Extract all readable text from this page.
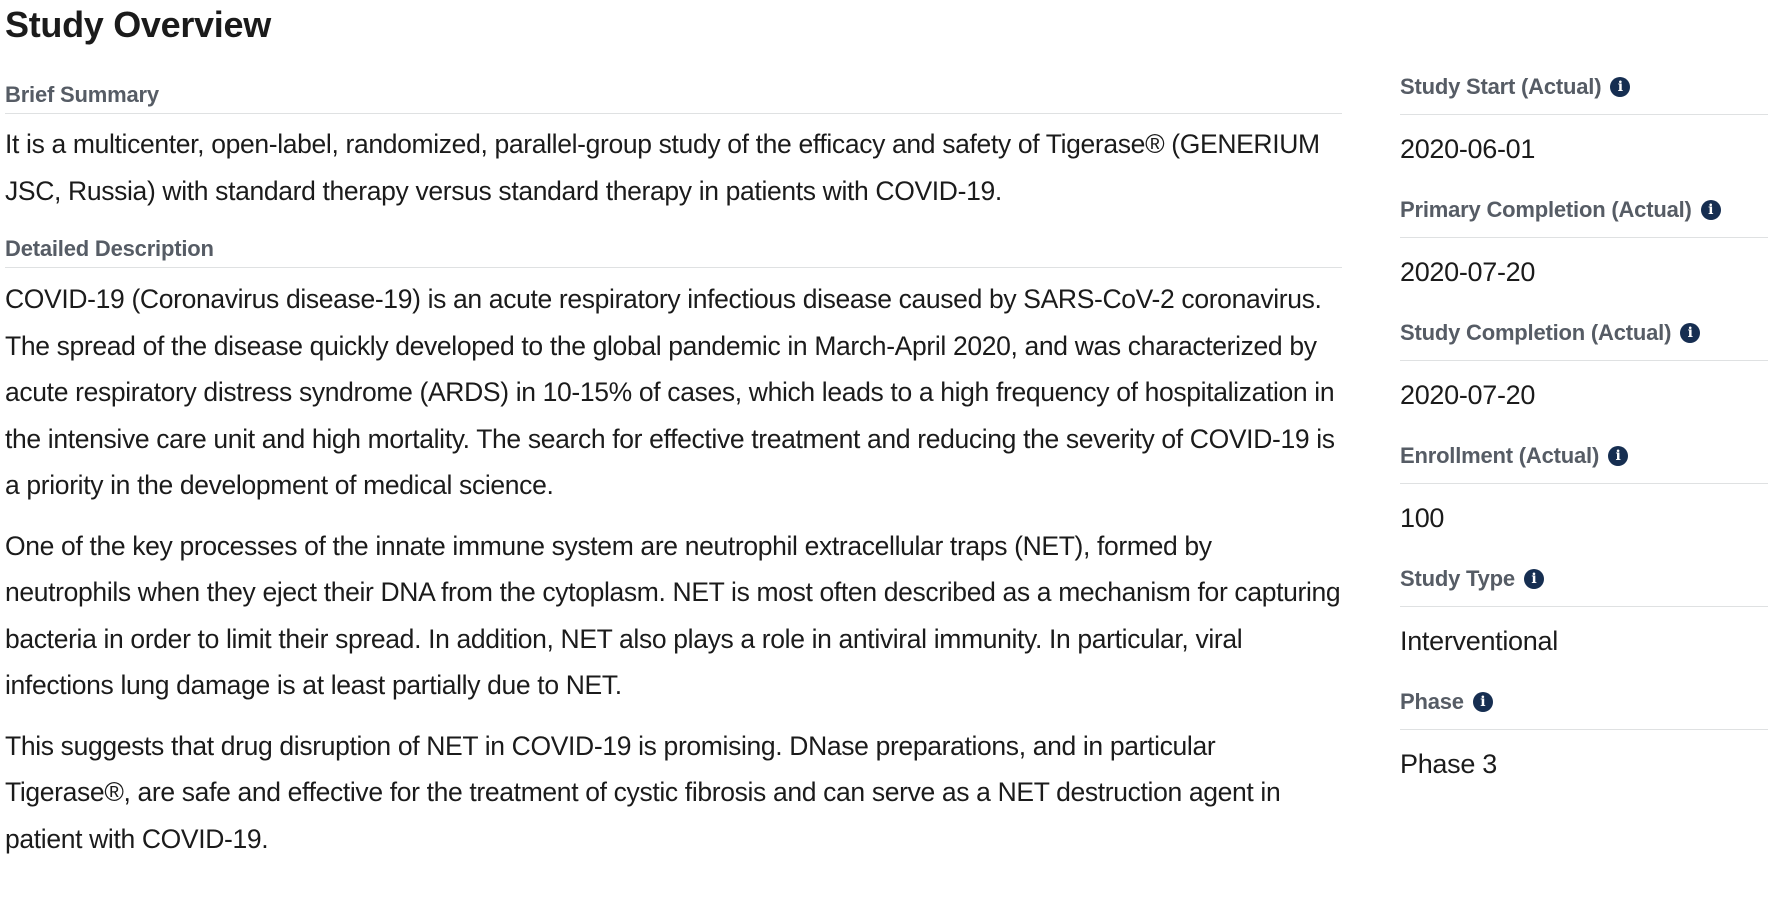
Study Overview
Brief Summary

It is a multicenter, open-label, randomized, parallel-group study of the efficacy and safety of Tigerase® (GENERIUM JSC, Russia) with standard therapy versus standard therapy in patients with COVID-19.

Detailed Description

COVID-19 (Coronavirus disease-19) is an acute respiratory infectious disease caused by SARS-CoV-2 coronavirus. The spread of the disease quickly developed to the global pandemic in March-April 2020, and was characterized by acute respiratory distress syndrome (ARDS) in 10-15% of cases, which leads to a high frequency of hospitalization in the intensive care unit and high mortality. The search for effective treatment and reducing the severity of COVID-19 is a priority in the development of medical science.

One of the key processes of the innate immune system are neutrophil extracellular traps (NET), formed by neutrophils when they eject their DNA from the cytoplasm. NET is most often described as a mechanism for capturing bacteria in order to limit their spread. In addition, NET also plays a role in antiviral immunity. In particular, viral infections lung damage is at least partially due to NET.

This suggests that drug disruption of NET in COVID-19 is promising. DNase preparations, and in particular Tigerase®, are safe and effective for the treatment of cystic fibrosis and can serve as a NET destruction agent in patient with COVID-19.

Study Start (Actual)	i
2020-06-01
Primary Completion (Actual)	i
2020-07-20
Study Completion (Actual)	i
2020-07-20
Enrollment (Actual)	i
100
Study Type	i
Interventional
Phase	i
Phase 3
